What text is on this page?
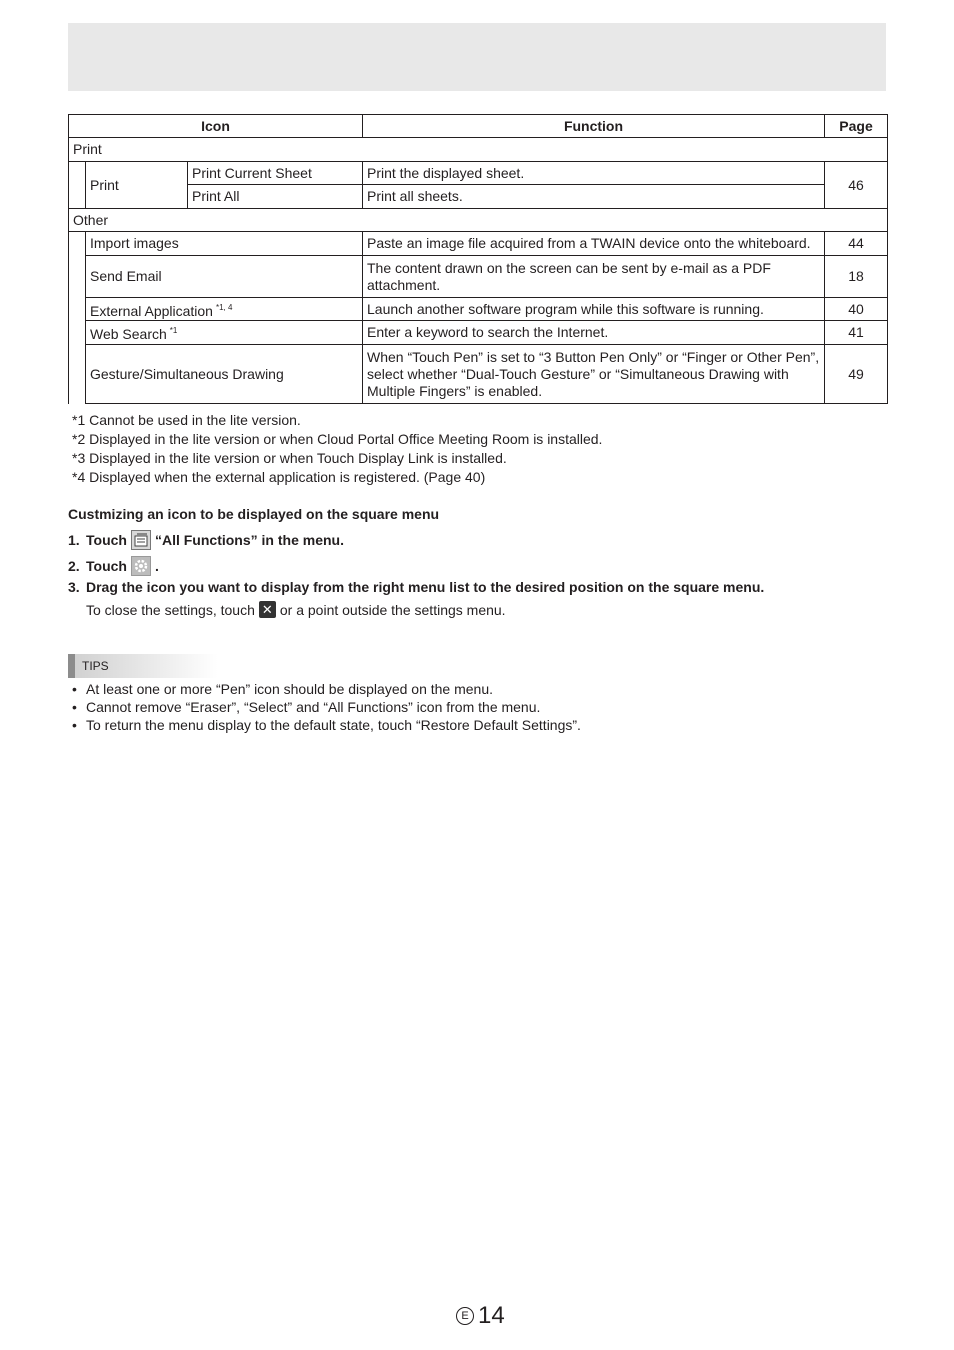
Icon			Function	Page
Print				
	Print	Print Current Sheet	Print the displayed sheet.	46
		Print All	Print all sheets.	
Other				
	Import images		Paste an image file acquired from a TWAIN device onto the whiteboard.	44
	Send Email		The content drawn on the screen can be sent by e-mail as a PDF attachment.	18
	External Application $^{*1, 4}$		Launch another software program while this software is running.	40
	Web Search $^{*1}$		Enter a keyword to search the Internet.	41
	Gesture/Simultaneous Drawing		When “Touch Pen” is set to “3 Button Pen Only” or “Finger or Other Pen”, select whether “Dual-Touch Gesture” or “Simultaneous Drawing with Multiple Fingers” is enabled.	49
*1 Cannot be used in the lite version.
*2 Displayed in the lite version or when Cloud Portal Office Meeting Room is installed.
*3 Displayed in the lite version or when Touch Display Link is installed.
*4 Displayed when the external application is registered. (Page 40)
Custmizing an icon to be displayed on the square menu
1. Touch “All Functions” in the menu.
2. Touch .
3. Drag the icon you want to display from the right menu list to the desired position on the square menu.
To close the settings, touch ✕ or a point outside the settings menu.
TIPS
• At least one or more “Pen” icon should be displayed on the menu.
• Cannot remove “Eraser”, “Select” and “All Functions” icon from the menu.
• To return the menu display to the default state, touch “Restore Default Settings”.
E 14
